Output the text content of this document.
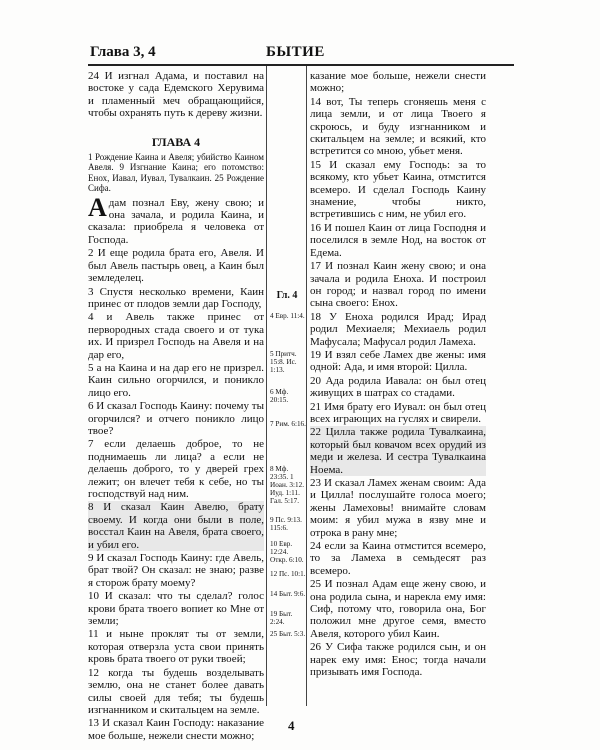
Глава 3, 4	БЫТИЕ

24 И изгнал Адама, и поставил на востоке у сада Едемского Херувима и пламенный меч обращающийся, чтобы охранять путь к дереву жизни.

ГЛАВА 4
1 Рождение Каина и Авеля; убийство Каином Авеля. 9 Изгнание Каина; его потомство: Енох, Иавал, Иувал, Тувалкаин. 25 Рождение Сифа.

Адам познал Еву, жену свою; и она зачала, и родила Каина, и сказала: приобрела я человека от Господа.

2 И еще родила брата его, Авеля. И был Авель пастырь овец, а Каин был земледелец.

3 Спустя несколько времени, Каин принес от плодов земли дар Господу,

4 и Авель также принес от первородных стада своего и от тука их. И призрел Господь на Авеля и на дар его,

5 а на Каина и на дар его не призрел. Каин сильно огорчился, и поникло лицо его.

6 И сказал Господь Каину: почему ты огорчился? и отчего поникло лицо твое?

7 если делаешь доброе, то не поднимаешь ли лица? а если не делаешь доброго, то у дверей грех лежит; он влечет тебя к себе, но ты господствуй над ним.

8 И сказал Каин Авелю, брату своему. И когда они были в поле, восстал Каин на Авеля, брата своего, и убил его.

9 И сказал Господь Каину: где Авель, брат твой? Он сказал: не знаю; разве я сторож брату моему?

10 И сказал: что ты сделал? голос крови брата твоего вопиет ко Мне от земли;

11 и ныне проклят ты от земли, которая отверзла уста свои принять кровь брата твоего от руки твоей;

12 когда ты будешь возделывать землю, она не станет более давать силы своей для тебя; ты будешь изгнанником и скитальцем на земле.

13 И сказал Каин Господу: наказание мое больше, нежели снести можно;

Гл. 4
4 Евр. 11:4.
5 Притч. 15:8. Ис. 1:13.
6 Мф. 20:15.
7 Рим. 6:16.
8 Мф. 23:35. 1 Иоан. 3:12. Иуд. 1:11. Гал. 5:17.
9 Пс. 9:13. 115:6.
10 Евр. 12:24. Откр. 6:10.
12 Пс. 10:1.
14 Быт. 9:6.
19 Быт. 2:24.
25 Быт. 5:3.

казание мое больше, нежели снести можно;

14 вот, Ты теперь сгоняешь меня с лица земли, и от лица Твоего я скроюсь, и буду изгнанником и скитальцем на земле; и всякий, кто встретится со мною, убьет меня.

15 И сказал ему Господь: за то всякому, кто убьет Каина, отмстится всемеро. И сделал Господь Каину знамение, чтобы никто, встретившись с ним, не убил его.

16 И пошел Каин от лица Господня и поселился в земле Нод, на восток от Едема.

17 И познал Каин жену свою; и она зачала и родила Еноха. И построил он город; и назвал город по имени сына своего: Енох.

18 У Еноха родился Ирад; Ирад родил Мехиаеля; Мехиаель родил Мафусала; Мафусал родил Ламеха.

19 И взял себе Ламех две жены: имя одной: Ада, и имя второй: Цилла.

20 Ада родила Иавала: он был отец живущих в шатрах со стадами.

21 Имя брату его Иувал: он был отец всех играющих на гуслях и свирели.

22 Цилла также родила Тувалкаина, который был ковачом всех орудий из меди и железа. И сестра Тувалкаина Ноема.

23 И сказал Ламех женам своим: Ада и Цилла! послушайте голоса моего; жены Ламеховы! внимайте словам моим: я убил мужа в язву мне и отрока в рану мне;

24 если за Каина отмстится всемеро, то за Ламеха в семьдесят раз всемеро.

25 И познал Адам еще жену свою, и она родила сына, и нарекла ему имя: Сиф, потому что, говорила она, Бог положил мне другое семя, вместо Авеля, которого убил Каин.

26 У Сифа также родился сын, и он нарек ему имя: Енос; тогда начали призывать имя Господа.

4
